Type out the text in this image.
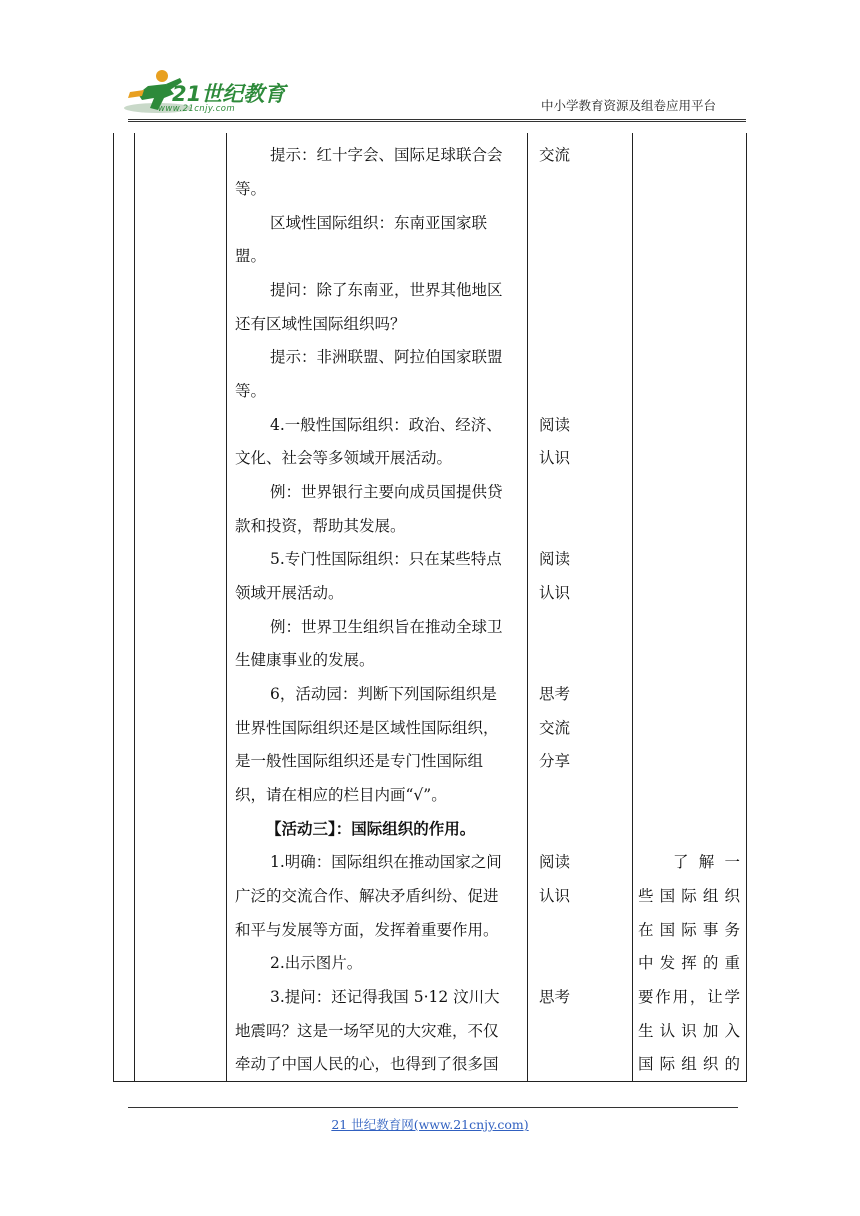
21世纪教育
www.21cnjy.com	中小学教育资源及组卷应用平台
提示：红十字会、国际足球联合会
等。
区域性国际组织：东南亚国家联
盟。
提问：除了东南亚，世界其他地区
还有区域性国际组织吗？
提示：非洲联盟、阿拉伯国家联盟
等。
4.一般性国际组织：政治、经济、
文化、社会等多领域开展活动。
例：世界银行主要向成员国提供贷
款和投资，帮助其发展。
5.专门性国际组织：只在某些特点
领域开展活动。
例：世界卫生组织旨在推动全球卫
生健康事业的发展。
6，活动园：判断下列国际组织是
世界性国际组织还是区域性国际组织，
是一般性国际组织还是专门性国际组
织，请在相应的栏目内画“√”。
【活动三】：国际组织的作用。
1.明确：国际组织在推动国家之间
广泛的交流合作、解决矛盾纠纷、促进
和平与发展等方面，发挥着重要作用。
2.出示图片。
3.提问：还记得我国 5·12 汶川大
地震吗？这是一场罕见的大灾难，不仅
牵动了中国人民的心，也得到了很多国
交流
阅读
认识
阅读
认识
思考
交流
分享
阅读
认识
思考
了 解 一
些国际组织
在国际事务
中发挥的重
要作用，让学
生认识加入
国际组织的
21 世纪教育网(www.21cnjy.com)
